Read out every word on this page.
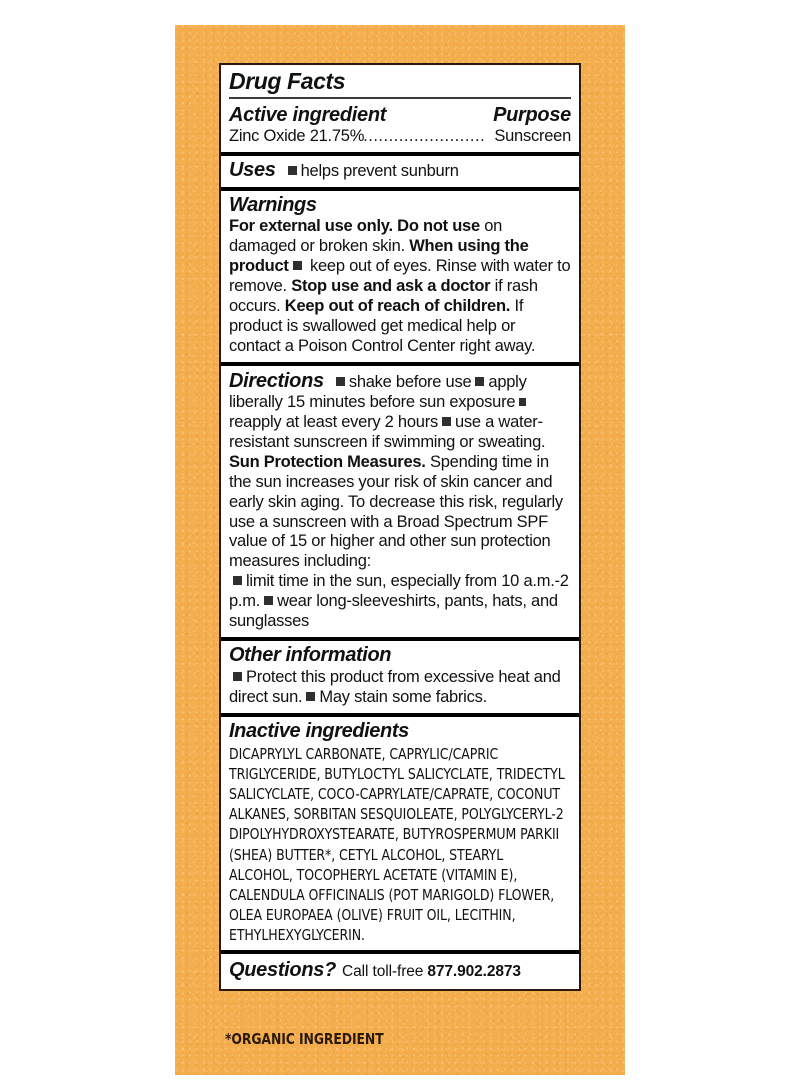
Drug Facts
Active ingredient	Purpose
Zinc Oxide 21.75% ........................ Sunscreen
Uses helps prevent sunburn
Warnings
For external use only. Do not use on damaged or broken skin. When using the product keep out of eyes. Rinse with water to remove. Stop use and ask a doctor if rash occurs. Keep out of reach of children. If product is swallowed get medical help or contact a Poison Control Center right away.
Directions shake before use apply liberally 15 minutes before sun exposurereapply at least every 2 hours use a water-resistant sunscreen if swimming or sweating. Sun Protection Measures. Spending time in the sun increases your risk of skin cancer and early skin aging. To decrease this risk, regularly use a sunscreen with a Broad Spectrum SPF value of 15 or higher and other sun protection measures including:
limit time in the sun, especially from 10 a.m.-2 p.m. wear long-sleeveshirts, pants, hats, and sunglasses
Other information
Protect this product from excessive heat and direct sun. May stain some fabrics.
Inactive ingredients
DICAPRYLYL CARBONATE, CAPRYLIC/CAPRIC TRIGLYCERIDE, BUTYLOCTYL SALICYCLATE, TRIDECTYL SALICYCLATE, COCO-CAPRYLATE/CAPRATE, COCONUT ALKANES, SORBITAN SESQUIOLEATE, POLYGLYCERYL-2 DIPOLYHYDROXYSTEARATE, BUTYROSPERMUM PARKII (SHEA) BUTTER*, CETYL ALCOHOL, STEARYL ALCOHOL, TOCOPHERYL ACETATE (VITAMIN E), CALENDULA OFFICINALIS (POT MARIGOLD) FLOWER, OLEA EUROPAEA (OLIVE) FRUIT OIL, LECITHIN, ETHYLHEXYGLYCERIN.
Questions? Call toll-free 877.902.2873
*ORGANIC INGREDIENT
